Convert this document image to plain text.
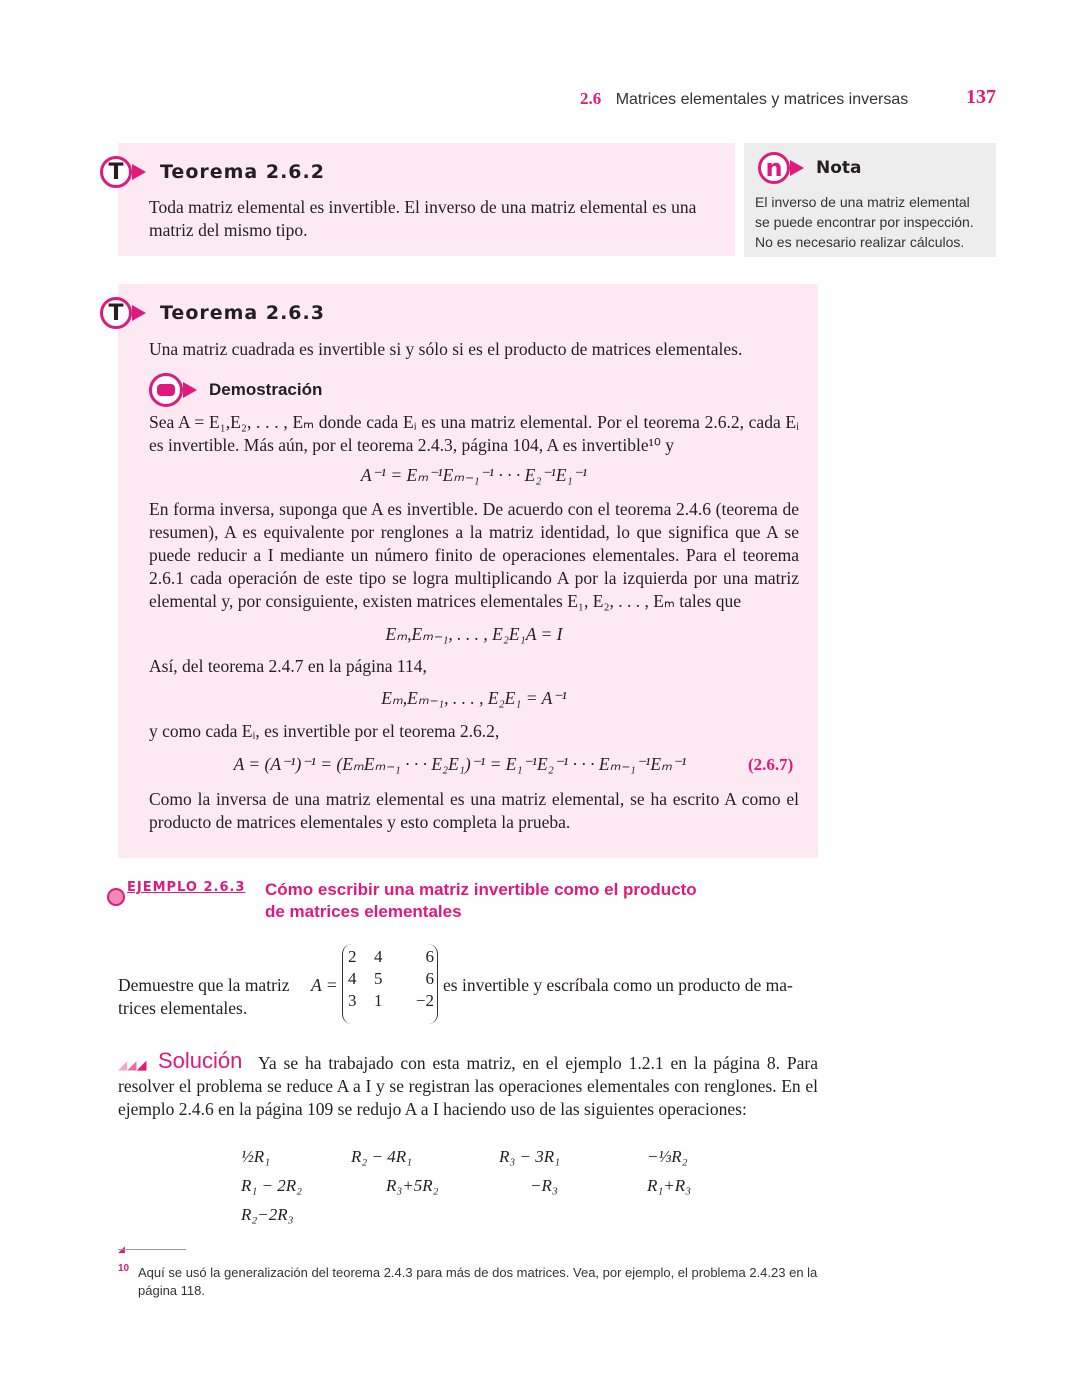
2.6 Matrices elementales y matrices inversas	137
T	Teorema 2.6.2
Toda matriz elemental es invertible. El inverso de una matriz elemental es una matriz del mismo tipo.
n	Nota
El inverso de una matriz elemental se puede encontrar por inspección. No es necesario realizar cálculos.
T	Teorema 2.6.3
Una matriz cuadrada es invertible si y sólo si es el producto de matrices elementales.
Demostración
Sea A = E₁,E₂, . . . , Eₘ donde cada Eᵢ es una matriz elemental. Por el teorema 2.6.2, cada Eᵢ es invertible. Más aún, por el teorema 2.4.3, página 104, A es invertible¹⁰ y
A⁻¹ = Eₘ⁻¹Eₘ₋₁⁻¹ · · · E₂⁻¹E₁⁻¹
En forma inversa, suponga que A es invertible. De acuerdo con el teorema 2.4.6 (teorema de resumen), A es equivalente por renglones a la matriz identidad, lo que significa que A se puede reducir a I mediante un número finito de operaciones elementales. Para el teorema 2.6.1 cada operación de este tipo se logra multiplicando A por la izquierda por una matriz elemental y, por consiguiente, existen matrices elementales E₁, E₂, . . . , Eₘ tales que
Eₘ,Eₘ₋₁, . . . , E₂E₁A = I
Así, del teorema 2.4.7 en la página 114,
Eₘ,Eₘ₋₁, . . . , E₂E₁ = A⁻¹
y como cada Eᵢ, es invertible por el teorema 2.6.2,
A = (A⁻¹)⁻¹ = (EₘEₘ₋₁ · · · E₂E₁)⁻¹ = E₁⁻¹E₂⁻¹ · · · Eₘ₋₁⁻¹Eₘ⁻¹	(2.6.7)
Como la inversa de una matriz elemental es una matriz elemental, se ha escrito A como el producto de matrices elementales y esto completa la prueba.
EJEMPLO 2.6.3 Cómo escribir una matriz invertible como el producto
de matrices elementales
Demuestre que la matriz
trices elementales.
A =
2	4	6
4	5	6
3	1	−2
es invertible y escríbala como un producto de ma-
◢◢◢ Solución Ya se ha trabajado con esta matriz, en el ejemplo 1.2.1 en la página 8. Para resolver el problema se reduce A a I y se registran las operaciones elementales con renglones. En el ejemplo 2.4.6 en la página 109 se redujo A a I haciendo uso de las siguientes operaciones:
½R₁	R₂ − 4R₁	R₃ − 3R₁	−⅓R₂
R₁ − 2R₂	R₃+5R₂	−R₃	R₁+R₃
R₂−2R₃			
◢
10 Aquí se usó la generalización del teorema 2.4.3 para más de dos matrices. Vea, por ejemplo, el problema 2.4.23 en la página 118.
